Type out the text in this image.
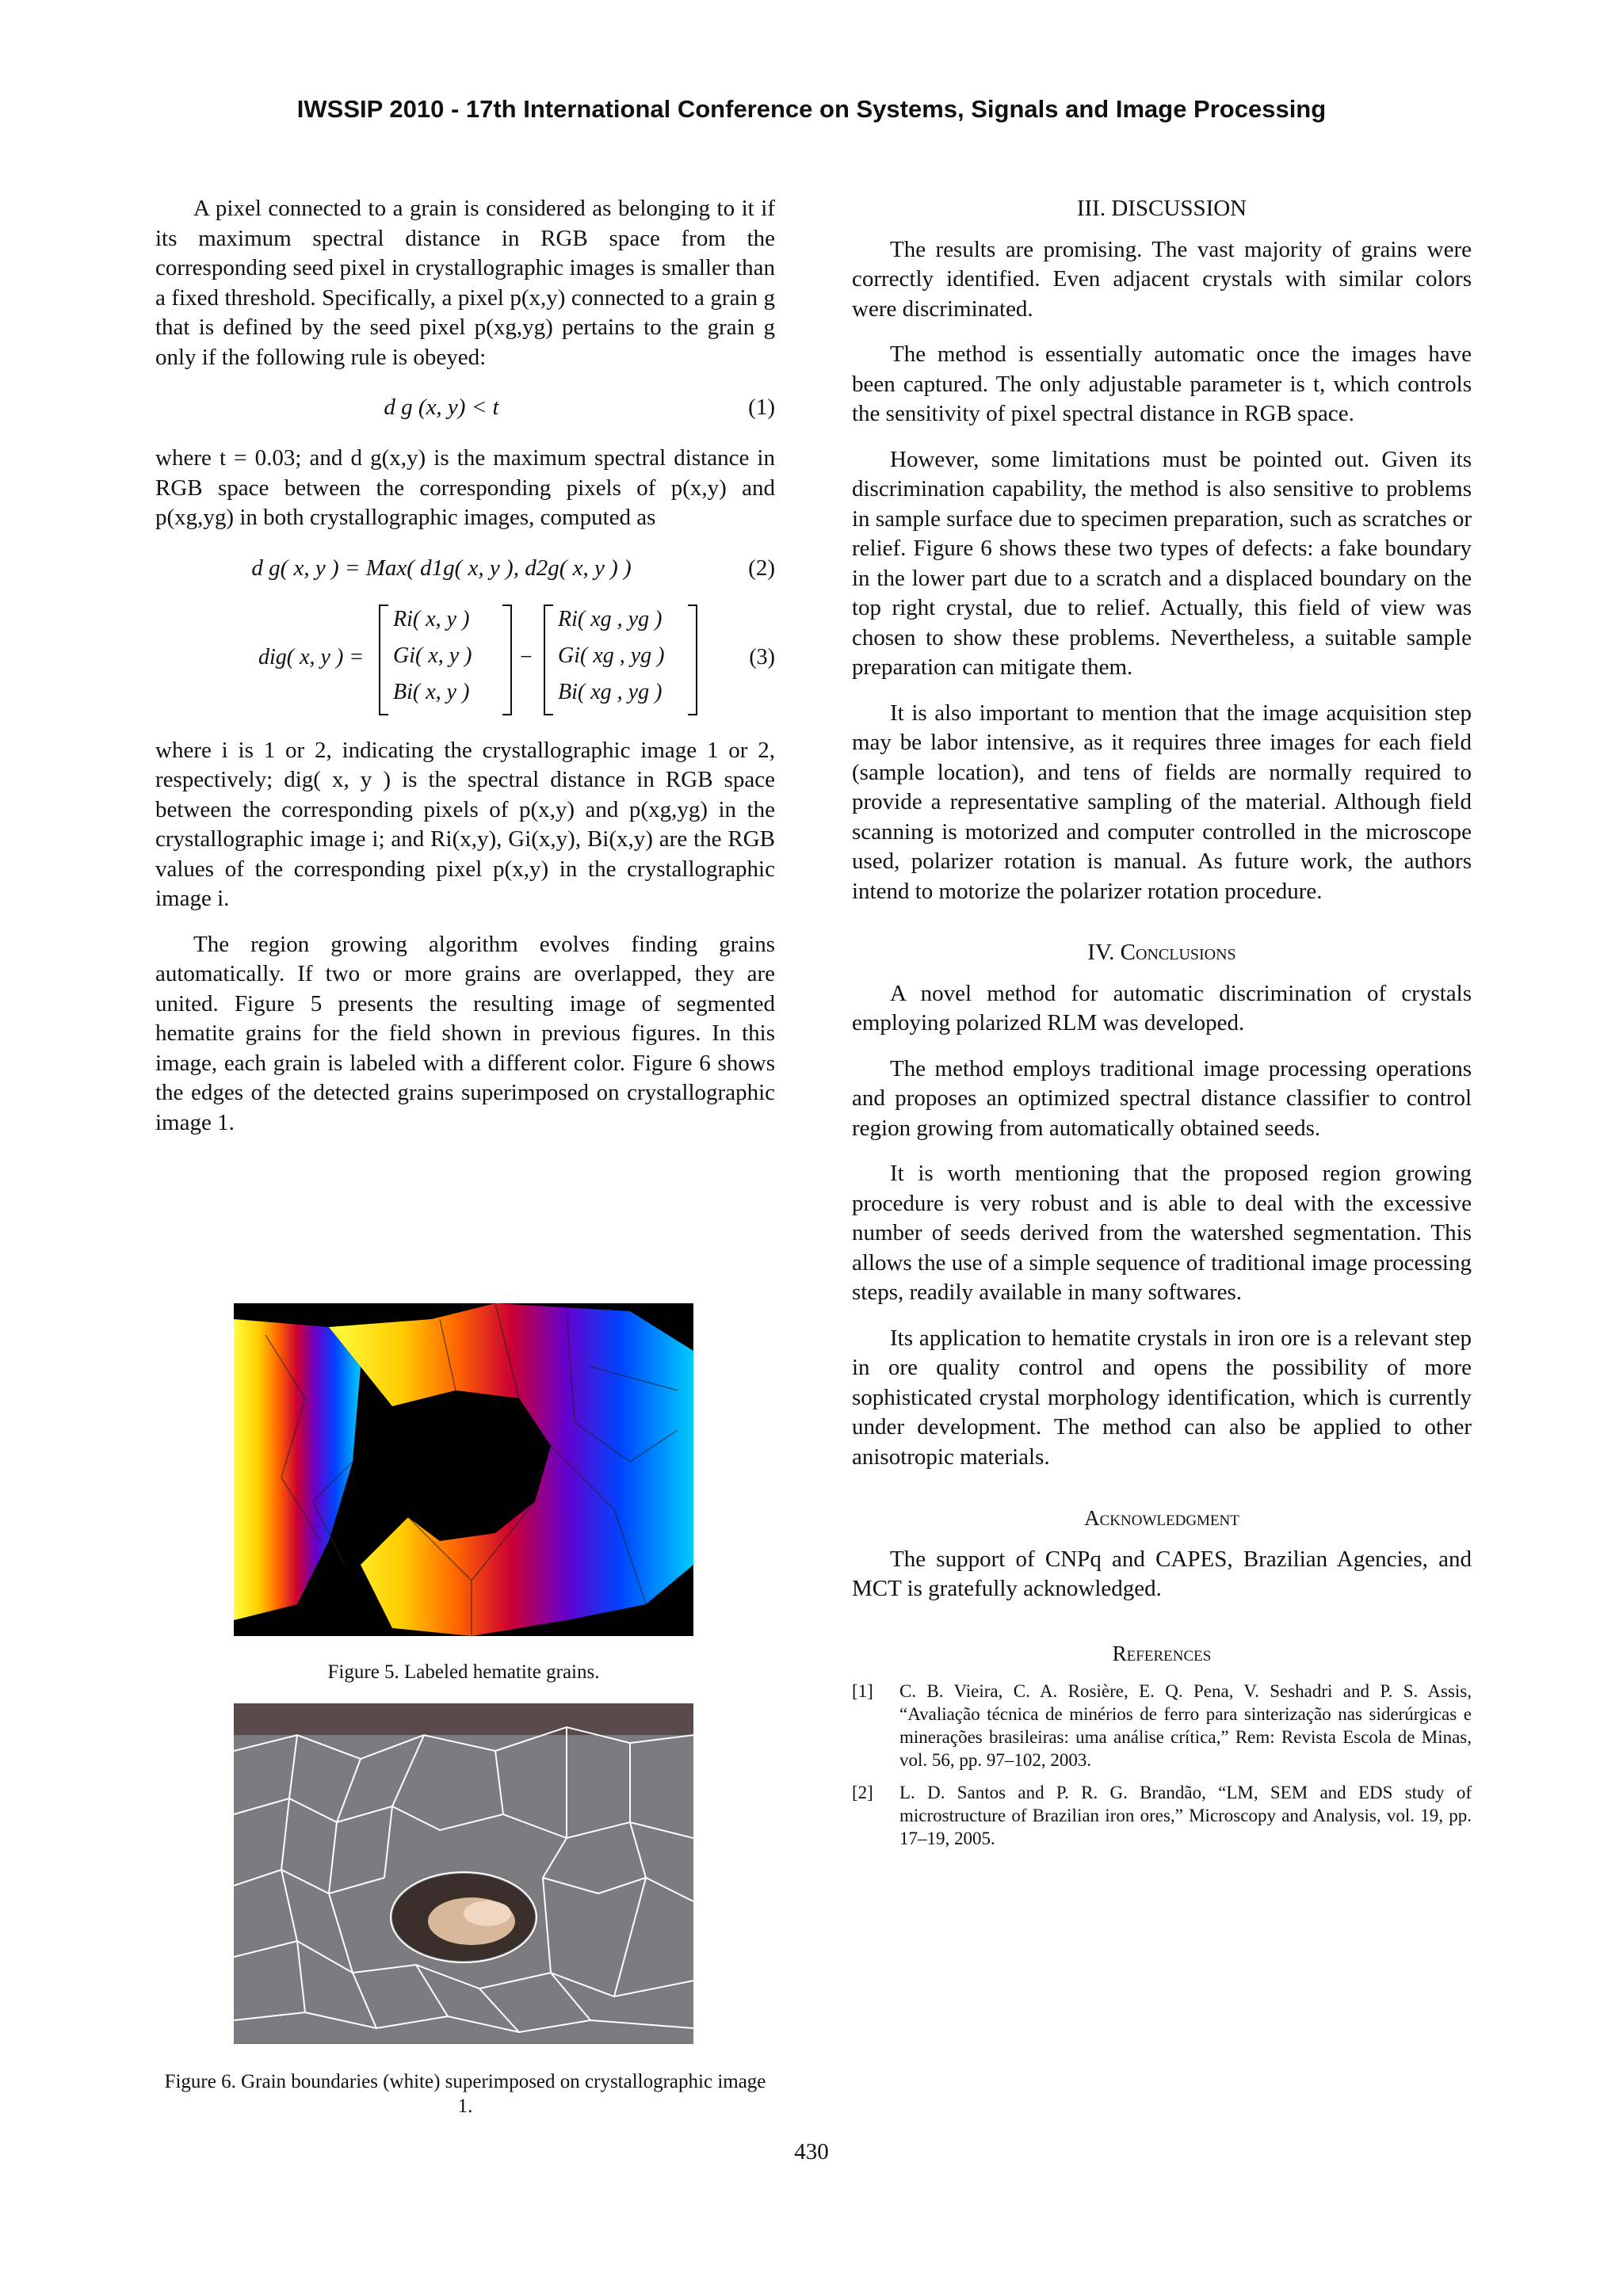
IWSSIP 2010 - 17th International Conference on Systems, Signals and Image Processing

A pixel connected to a grain is considered as belonging to it if its maximum spectral distance in RGB space from the corresponding seed pixel in crystallographic images is smaller than a fixed threshold. Specifically, a pixel p(x,y) connected to a grain g that is defined by the seed pixel p(xg,yg) pertains to the grain g only if the following rule is obeyed:

d g (x, y) < t	(1)

where t = 0.03; and d g(x,y) is the maximum spectral distance in RGB space between the corresponding pixels of p(x,y) and p(xg,yg) in both crystallographic images, computed as

d g( x, y ) = Max( d1g( x, y ), d2g( x, y ) )	(2)
dig( x, y ) =
Ri( x, y )
Gi( x, y )
Bi( x, y )
−
Ri( xg , yg )
Gi( xg , yg )
Bi( xg , yg )
(3)

where i is 1 or 2, indicating the crystallographic image 1 or 2, respectively; dig( x, y ) is the spectral distance in RGB space between the corresponding pixels of p(x,y) and p(xg,yg) in the crystallographic image i; and Ri(x,y), Gi(x,y), Bi(x,y) are the RGB values of the corresponding pixel p(x,y) in the crystallographic image i.

The region growing algorithm evolves finding grains automatically. If two or more grains are overlapped, they are united. Figure 5 presents the resulting image of segmented hematite grains for the field shown in previous figures. In this image, each grain is labeled with a different color. Figure 6 shows the edges of the detected grains superimposed on crystallographic image 1.

Figure 5. Labeled hematite grains.
Figure 6. Grain boundaries (white) superimposed on crystallographic image 1.
III. DISCUSSION

The results are promising. The vast majority of grains were correctly identified. Even adjacent crystals with similar colors were discriminated.

The method is essentially automatic once the images have been captured. The only adjustable parameter is t, which controls the sensitivity of pixel spectral distance in RGB space.

However, some limitations must be pointed out. Given its discrimination capability, the method is also sensitive to problems in sample surface due to specimen preparation, such as scratches or relief. Figure 6 shows these two types of defects: a fake boundary in the lower part due to a scratch and a displaced boundary on the top right crystal, due to relief. Actually, this field of view was chosen to show these problems. Nevertheless, a suitable sample preparation can mitigate them.

It is also important to mention that the image acquisition step may be labor intensive, as it requires three images for each field (sample location), and tens of fields are normally required to provide a representative sampling of the material. Although field scanning is motorized and computer controlled in the microscope used, polarizer rotation is manual. As future work, the authors intend to motorize the polarizer rotation procedure.

IV. Conclusions

A novel method for automatic discrimination of crystals employing polarized RLM was developed.

The method employs traditional image processing operations and proposes an optimized spectral distance classifier to control region growing from automatically obtained seeds.

It is worth mentioning that the proposed region growing procedure is very robust and is able to deal with the excessive number of seeds derived from the watershed segmentation. This allows the use of a simple sequence of traditional image processing steps, readily available in many softwares.

Its application to hematite crystals in iron ore is a relevant step in ore quality control and opens the possibility of more sophisticated crystal morphology identification, which is currently under development. The method can also be applied to other anisotropic materials.

Acknowledgment

The support of CNPq and CAPES, Brazilian Agencies, and MCT is gratefully acknowledged.

References
[1] C. B. Vieira, C. A. Rosière, E. Q. Pena, V. Seshadri and P. S. Assis, “Avaliação técnica de minérios de ferro para sinterização nas siderúrgicas e minerações brasileiras: uma análise crítica,” Rem: Revista Escola de Minas, vol. 56, pp. 97–102, 2003.
[2] L. D. Santos and P. R. G. Brandão, “LM, SEM and EDS study of microstructure of Brazilian iron ores,” Microscopy and Analysis, vol. 19, pp. 17–19, 2005.
430
